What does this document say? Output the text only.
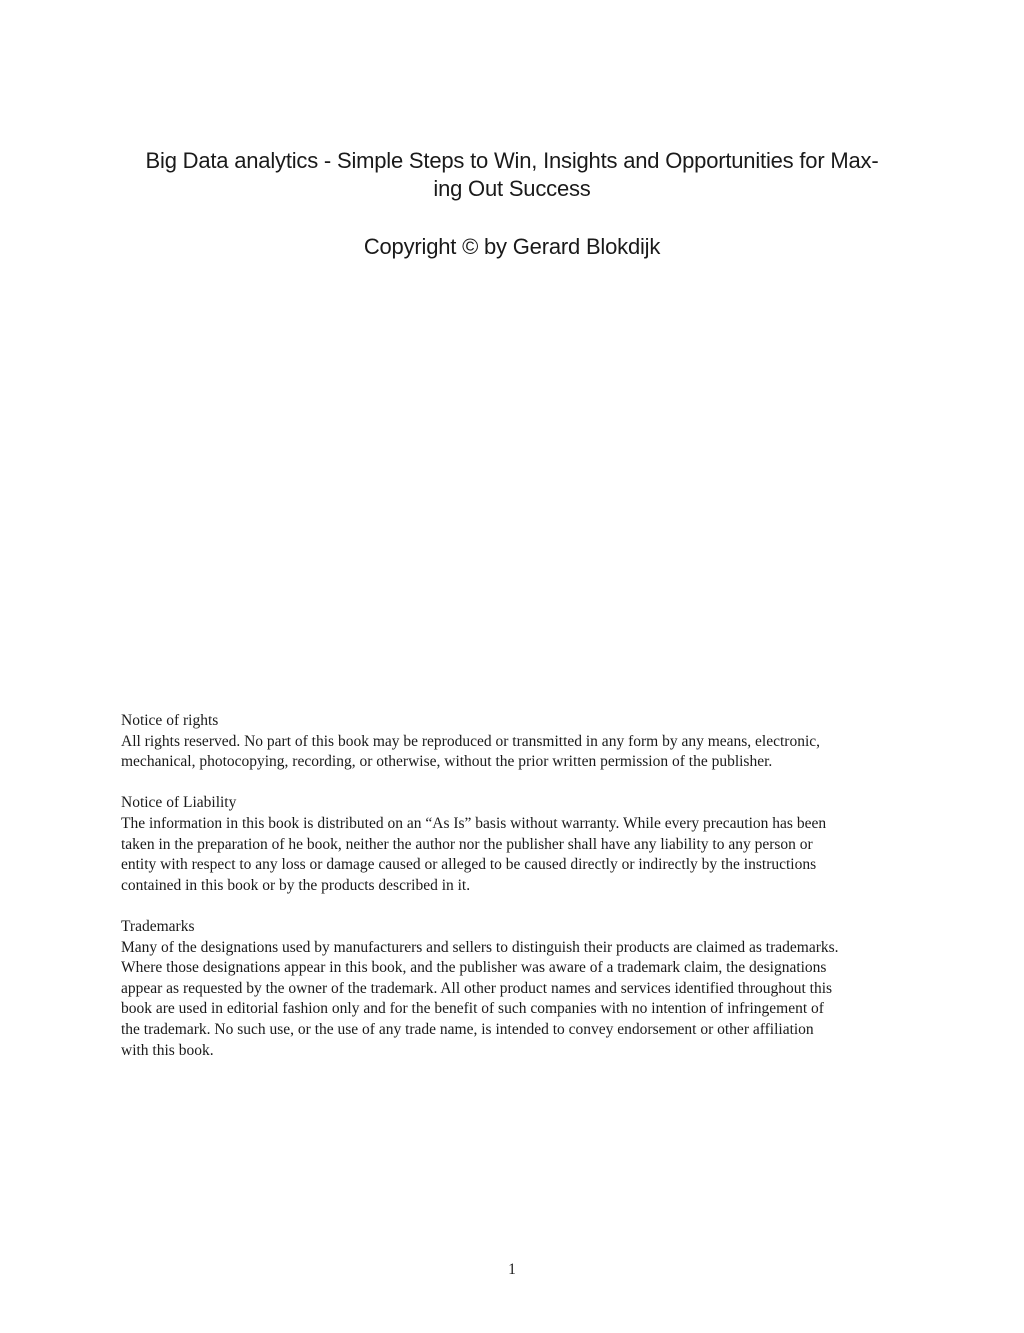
Big Data analytics - Simple Steps to Win, Insights and Opportunities for Max-
ing Out Success
Copyright © by Gerard Blokdijk
Notice of rights
All rights reserved. No part of this book may be reproduced or transmitted in any form by any means, electronic,
mechanical, photocopying, recording, or otherwise, without the prior written permission of the publisher.
Notice of Liability
The information in this book is distributed on an “As Is” basis without warranty. While every precaution has been
taken in the preparation of he book, neither the author nor the publisher shall have any liability to any person or
entity with respect to any loss or damage caused or alleged to be caused directly or indirectly by the instructions
contained in this book or by the products described in it.
Trademarks
Many of the designations used by manufacturers and sellers to distinguish their products are claimed as trademarks.
Where those designations appear in this book, and the publisher was aware of a trademark claim, the designations
appear as requested by the owner of the trademark. All other product names and services identified throughout this
book are used in editorial fashion only and for the benefit of such companies with no intention of infringement of
the trademark. No such use, or the use of any trade name, is intended to convey endorsement or other affiliation
with this book.
1
